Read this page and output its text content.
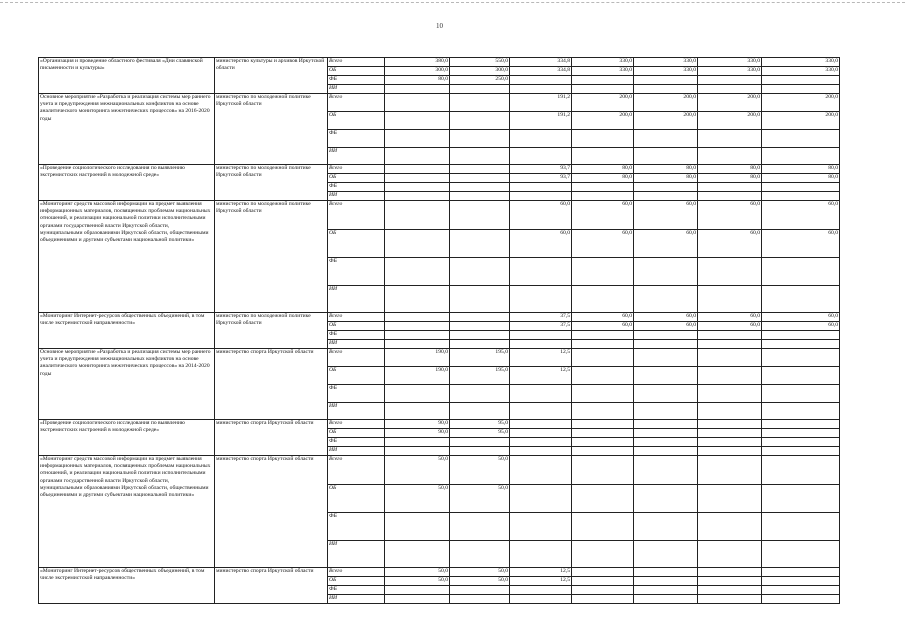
10
«Организация и проведение областного фестиваля «Дни славянской письменности и культуры»	министерство культуры и архивов Иркутской области	Всего	380,0	550,0	334,8	330,0	330,0	330,0	330,0
		ОБ	300,0	300,0	334,8	330,0	330,0	330,0	330,0
		ФБ	80,0	250,0					
		ИИ							
Основное мероприятие «Разработка и реализация системы мер раннего учета и предупреждения межнациональных конфликтов на основе аналитического мониторинга межэтнических процессов» на 2016-2020 годы	министерство по молодежной политике Иркутской области	Всего			191,2	200,0	200,0	200,0	200,0
		ОБ			191,2	200,0	200,0	200,0	200,0
		ФБ							
		ИИ							
«Проведение социологического исследования по выявлению экстремистских настроений в молодежной среде»	министерство по молодежной политике Иркутской области	Всего			93,7	80,0	80,0	80,0	80,0
		ОБ			93,7	80,0	80,0	80,0	80,0
		ФБ							
		ИИ							
«Мониторинг средств массовой информации на предмет выявления информационных материалов, посвященных проблемам национальных отношений, и реализации национальной политики исполнительными органами государственной власти Иркутской области, муниципальными образованиями Иркутской области, общественными объединениями и другими субъектами национальной политики»	министерство по молодежной политике Иркутской области	Всего			60,0	60,0	60,0	60,0	60,0
		ОБ			60,0	60,0	60,0	60,0	60,0
		ФБ							
		ИИ							
«Мониторинг Интернет-ресурсов общественных объединений, в том числе экстремистской направленности»	министерство по молодежной политике Иркутской области	Всего			37,5	60,0	60,0	60,0	60,0
		ОБ			37,5	60,0	60,0	60,0	60,0
		ФБ							
		ИИ							
Основное мероприятие «Разработка и реализация системы мер раннего учета и предупреждения межнациональных конфликтов на основе аналитического мониторинга межэтнических процессов» на 2014-2020 годы	министерство спорта Иркутской области	Всего	190,0	195,0	12,5				
		ОБ	190,0	195,0	12,5				
		ФБ							
		ИИ							
«Проведение социологического исследования по выявлению экстремистских настроений в молодежной среде»	министерство спорта Иркутской области	Всего	90,0	95,0					
		ОБ	90,0	95,0					
		ФБ							
		ИИ							
«Мониторинг средств массовой информации на предмет выявления информационных материалов, посвященных проблемам национальных отношений, и реализации национальной политики исполнительными органами государственной власти Иркутской области, муниципальными образованиями Иркутской области, общественными объединениями и другими субъектами национальной политики»	министерство спорта Иркутской области	Всего	50,0	50,0					
		ОБ	50,0	50,0					
		ФБ							
		ИИ							
«Мониторинг Интернет-ресурсов общественных объединений, в том числе экстремистской направленности»	министерство спорта Иркутской области	Всего	50,0	50,0	12,5				
		ОБ	50,0	50,0	12,5				
		ФБ							
		ИИ							
